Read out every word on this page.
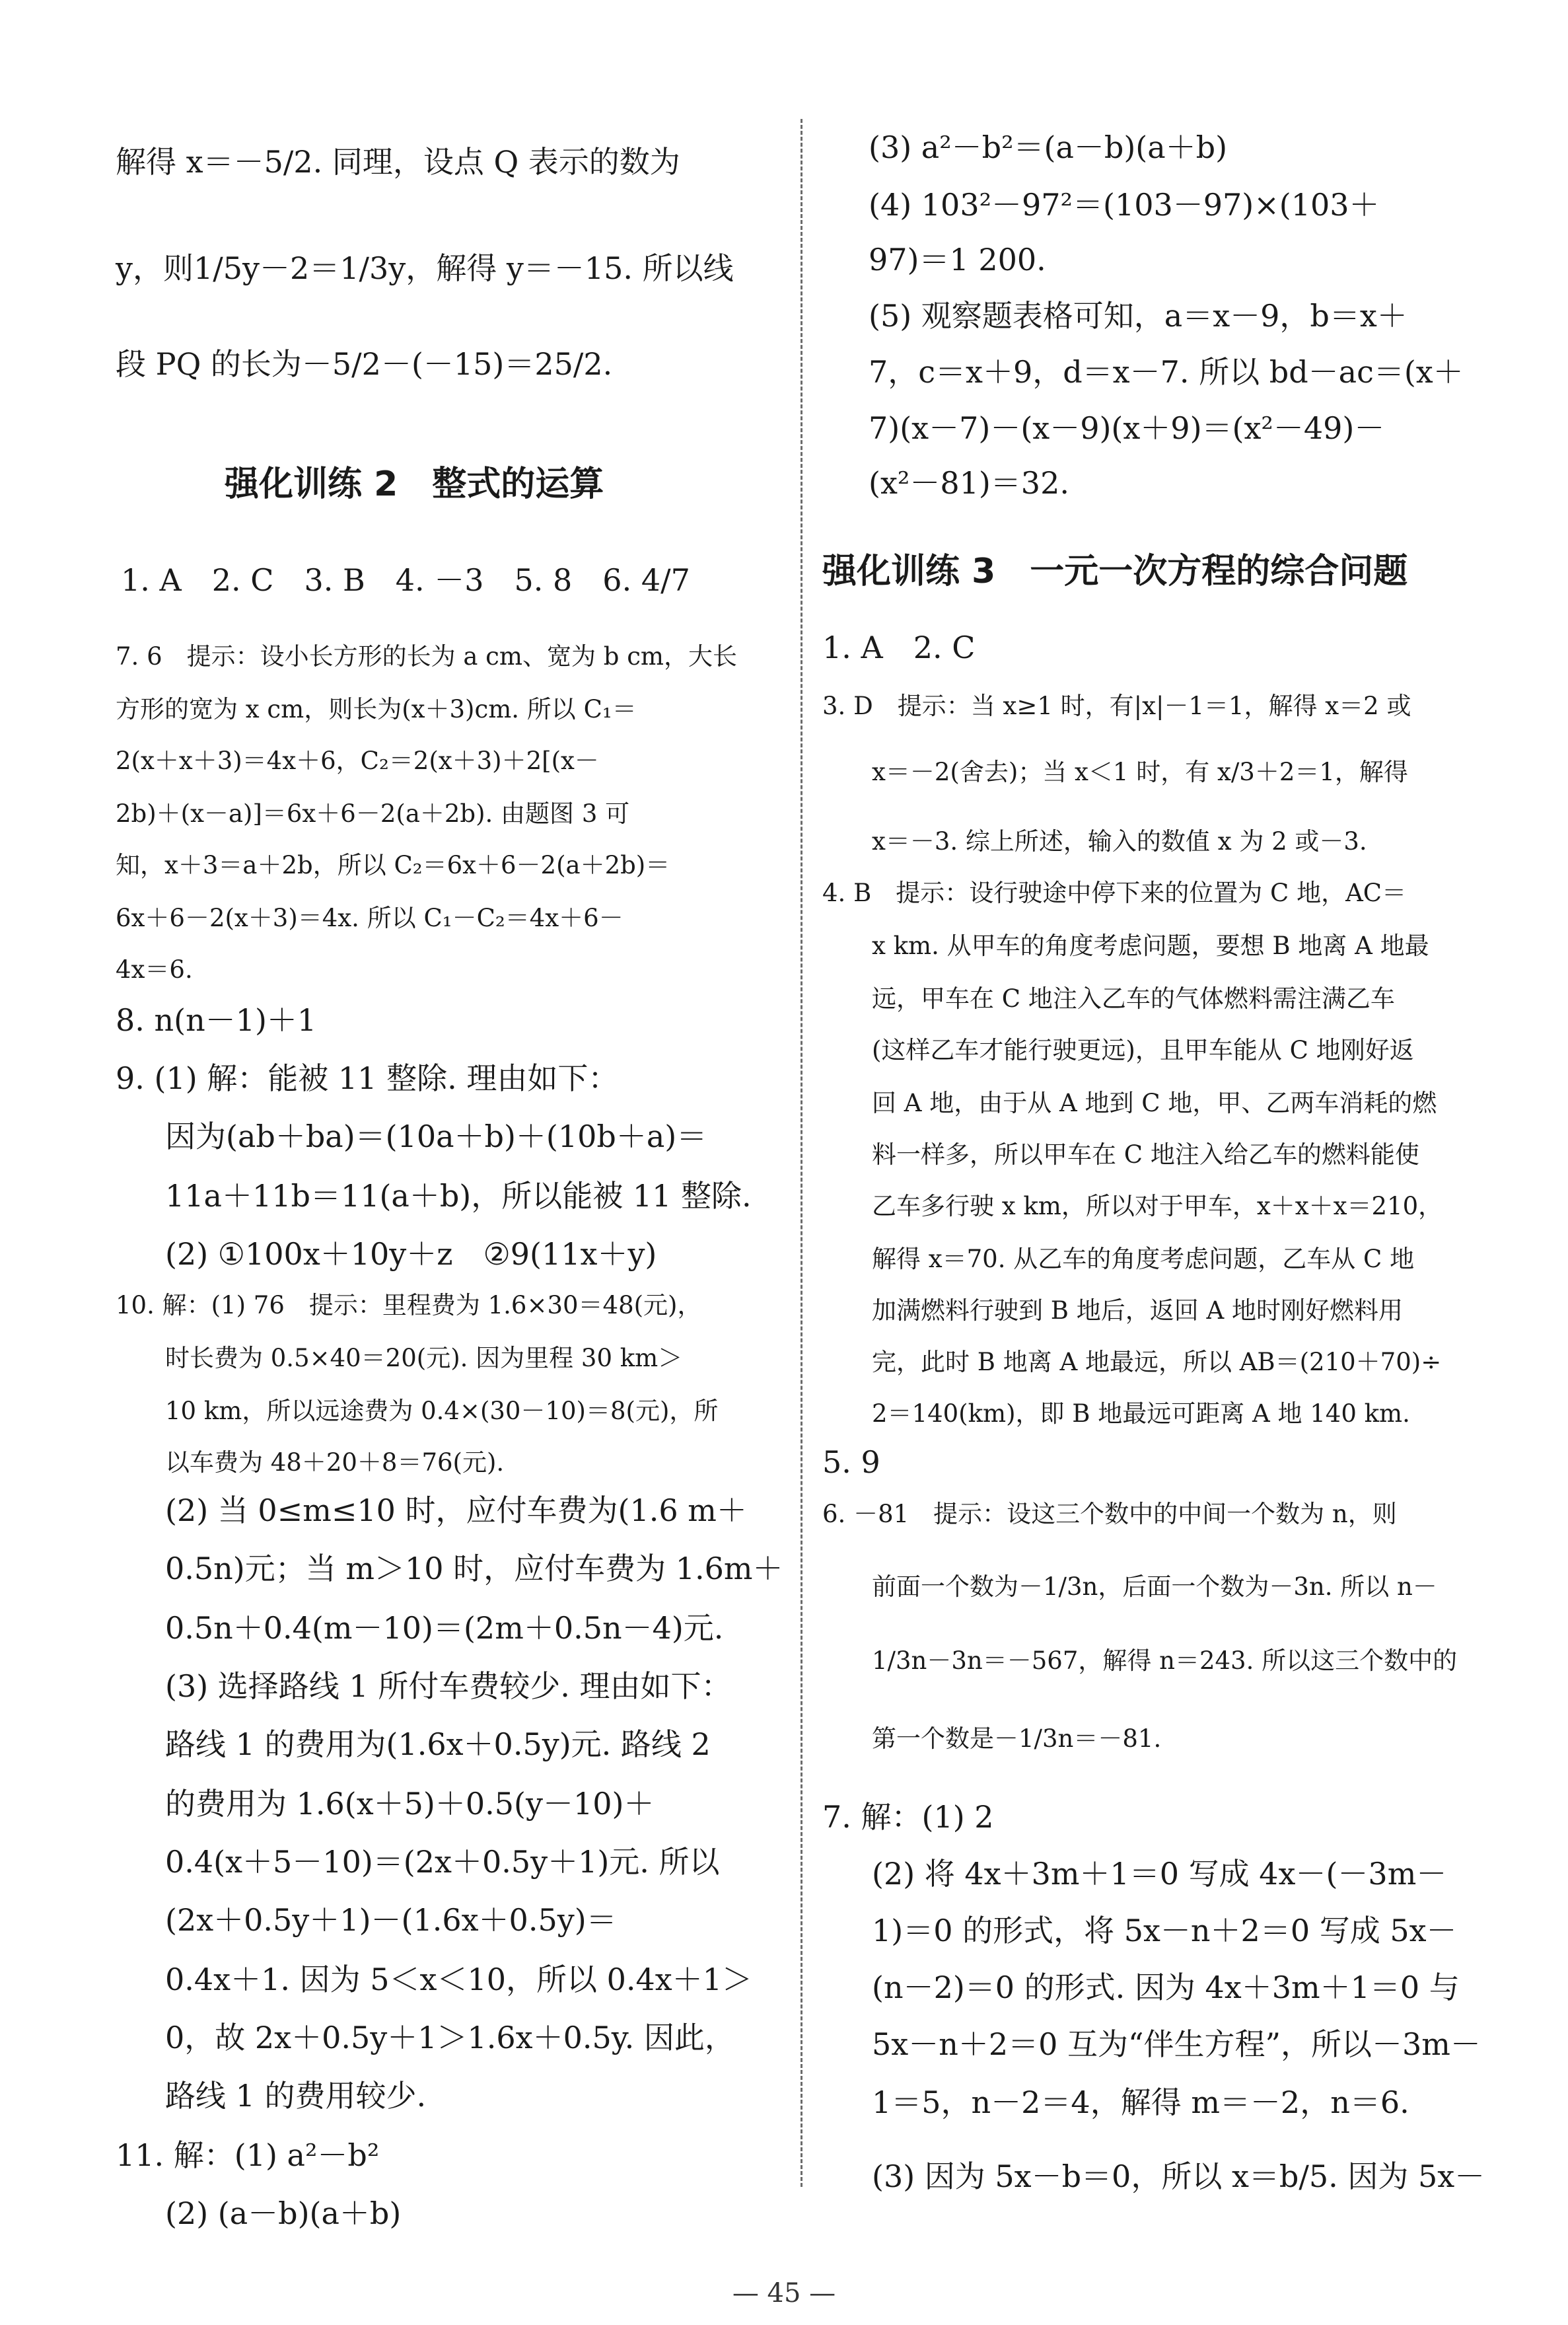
解得 x＝－5/2. 同理，设点 Q 表示的数为
y，则1/5y－2＝1/3y，解得 y＝－15. 所以线
段 PQ 的长为－5/2－(－15)＝25/2.
强化训练 2　整式的运算
1. A　2. C　3. B　4. －3　5. 8　6. 4/7
7. 6　提示：设小长方形的长为 a cm、宽为 b cm，大长
方形的宽为 x cm，则长为(x＋3)cm. 所以 C₁＝
2(x＋x＋3)＝4x＋6，C₂＝2(x＋3)＋2[(x－
2b)＋(x－a)]＝6x＋6－2(a＋2b). 由题图 3 可
知，x＋3＝a＋2b，所以 C₂＝6x＋6－2(a＋2b)＝
6x＋6－2(x＋3)＝4x. 所以 C₁－C₂＝4x＋6－
4x＝6.
8. n(n－1)＋1
9. (1) 解：能被 11 整除. 理由如下：
因为(ab＋ba)＝(10a＋b)＋(10b＋a)＝
11a＋11b＝11(a＋b)，所以能被 11 整除.
(2) ①100x＋10y＋z　②9(11x＋y)
10. 解：(1) 76　提示：里程费为 1.6×30＝48(元)，
时长费为 0.5×40＝20(元). 因为里程 30 km＞
10 km，所以远途费为 0.4×(30－10)＝8(元)，所
以车费为 48＋20＋8＝76(元).
(2) 当 0≤m≤10 时，应付车费为(1.6 m＋
0.5n)元；当 m＞10 时，应付车费为 1.6m＋
0.5n＋0.4(m－10)＝(2m＋0.5n－4)元.
(3) 选择路线 1 所付车费较少. 理由如下：
路线 1 的费用为(1.6x＋0.5y)元. 路线 2
的费用为 1.6(x＋5)＋0.5(y－10)＋
0.4(x＋5－10)＝(2x＋0.5y＋1)元. 所以
(2x＋0.5y＋1)－(1.6x＋0.5y)＝
0.4x＋1. 因为 5＜x＜10，所以 0.4x＋1＞
0，故 2x＋0.5y＋1＞1.6x＋0.5y. 因此，
路线 1 的费用较少.
11. 解：(1) a²－b²
(2) (a－b)(a＋b)
(3) a²－b²＝(a－b)(a＋b)
(4) 103²－97²＝(103－97)×(103＋
97)＝1 200.
(5) 观察题表格可知，a＝x－9，b＝x＋
7，c＝x＋9，d＝x－7. 所以 bd－ac＝(x＋
7)(x－7)－(x－9)(x＋9)＝(x²－49)－
(x²－81)＝32.
强化训练 3　一元一次方程的综合问题
1. A　2. C
3. D　提示：当 x≥1 时，有|x|－1＝1，解得 x＝2 或
x＝－2(舍去)；当 x＜1 时，有 x/3＋2＝1，解得
x＝－3. 综上所述，输入的数值 x 为 2 或－3.
4. B　提示：设行驶途中停下来的位置为 C 地，AC＝
x km. 从甲车的角度考虑问题，要想 B 地离 A 地最
远，甲车在 C 地注入乙车的气体燃料需注满乙车
(这样乙车才能行驶更远)，且甲车能从 C 地刚好返
回 A 地，由于从 A 地到 C 地，甲、乙两车消耗的燃
料一样多，所以甲车在 C 地注入给乙车的燃料能使
乙车多行驶 x km，所以对于甲车，x＋x＋x＝210，
解得 x＝70. 从乙车的角度考虑问题，乙车从 C 地
加满燃料行驶到 B 地后，返回 A 地时刚好燃料用
完，此时 B 地离 A 地最远，所以 AB＝(210＋70)÷
2＝140(km)，即 B 地最远可距离 A 地 140 km.
5. 9
6. －81　提示：设这三个数中的中间一个数为 n，则
前面一个数为－1/3n，后面一个数为－3n. 所以 n－
1/3n－3n＝－567，解得 n＝243. 所以这三个数中的
第一个数是－1/3n＝－81.
7. 解：(1) 2
(2) 将 4x＋3m＋1＝0 写成 4x－(－3m－
1)＝0 的形式，将 5x－n＋2＝0 写成 5x－
(n－2)＝0 的形式. 因为 4x＋3m＋1＝0 与
5x－n＋2＝0 互为“伴生方程”，所以－3m－
1＝5，n－2＝4，解得 m＝－2，n＝6.
(3) 因为 5x－b＝0，所以 x＝b/5. 因为 5x－
— 45 —
